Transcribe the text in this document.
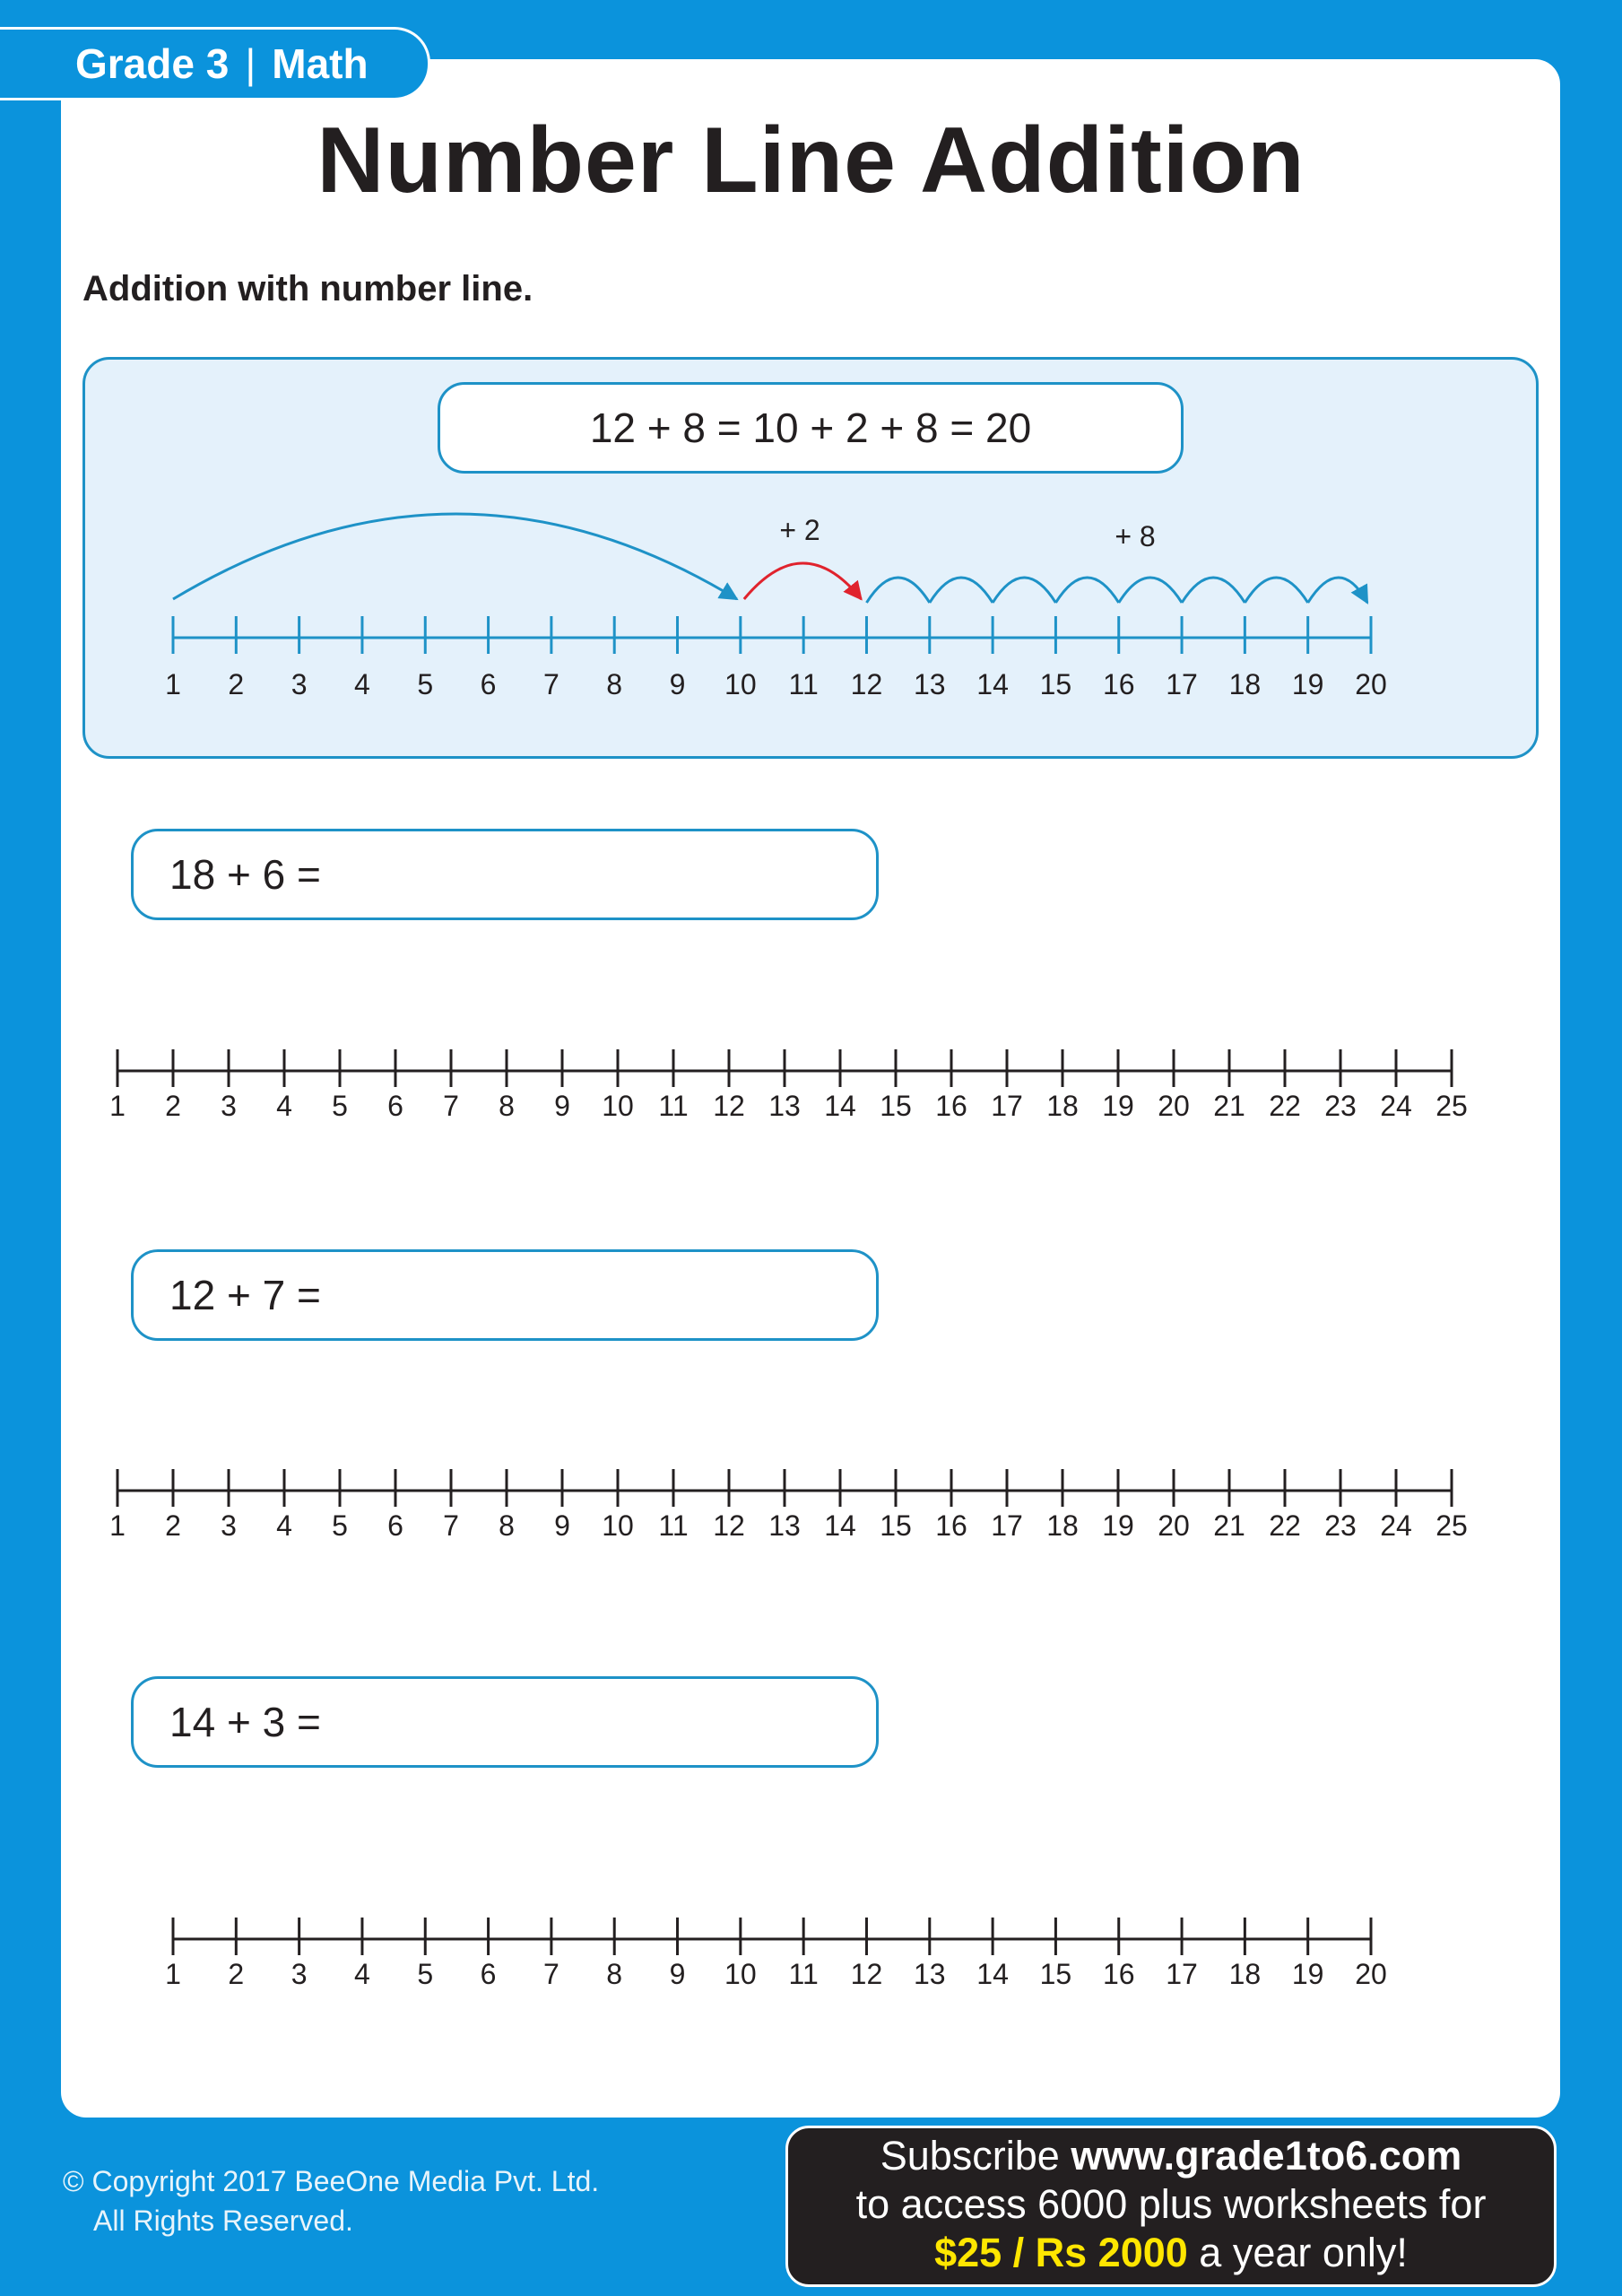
Grade 3 | Math
Number Line Addition
Addition with number line.
12 + 8 = 10 + 2 + 8 = 20
1 2 3 4 5 6 7 8 9 10 11 12 13 14 15 16 17 18 19 20
+ 2	+ 8
18 + 6 =
1 2 3 4 5 6 7 8 9 10 11 12 13 14 15 16 17 18 19 20 21 22 23 24 25
12 + 7 =
1 2 3 4 5 6 7 8 9 10 11 12 13 14 15 16 17 18 19 20 21 22 23 24 25
14 + 3 =
1 2 3 4 5 6 7 8 9 10 11 12 13 14 15 16 17 18 19 20
© Copyright 2017 BeeOne Media Pvt. Ltd.
All Rights Reserved.
Subscribe www.grade1to6.com
to access 6000 plus worksheets for
$25 / Rs 2000 a year only!
